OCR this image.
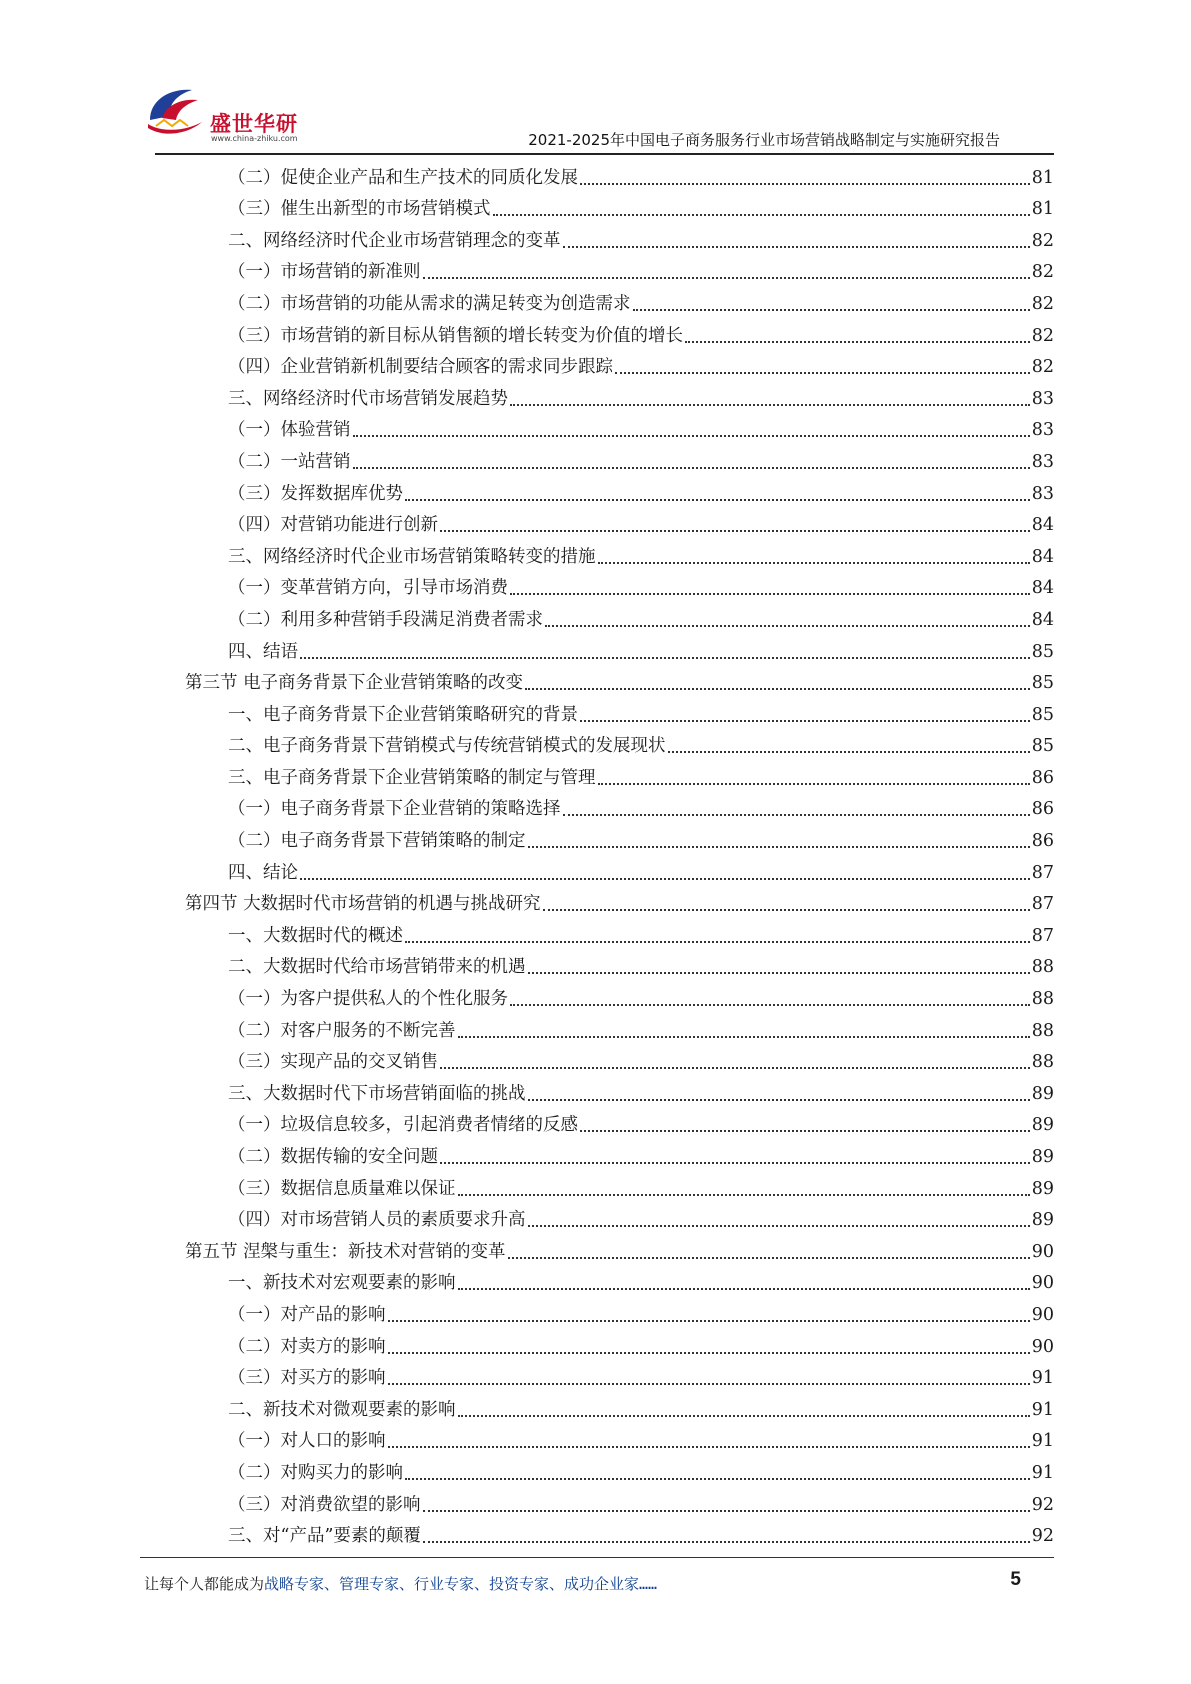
盛世华研
www.china-zhiku.com	2021-2025年中国电子商务服务行业市场营销战略制定与实施研究报告
（二）促使企业产品和生产技术的同质化发展	81
（三）催生出新型的市场营销模式	81
二、网络经济时代企业市场营销理念的变革	82
（一）市场营销的新准则	82
（二）市场营销的功能从需求的满足转变为创造需求	82
（三）市场营销的新目标从销售额的增长转变为价值的增长	82
（四）企业营销新机制要结合顾客的需求同步跟踪	82
三、网络经济时代市场营销发展趋势	83
（一）体验营销	83
（二）一站营销	83
（三）发挥数据库优势	83
（四）对营销功能进行创新	84
三、网络经济时代企业市场营销策略转变的措施	84
（一）变革营销方向，引导市场消费	84
（二）利用多种营销手段满足消费者需求	84
四、结语	85
第三节 电子商务背景下企业营销策略的改变	85
一、电子商务背景下企业营销策略研究的背景	85
二、电子商务背景下营销模式与传统营销模式的发展现状	85
三、电子商务背景下企业营销策略的制定与管理	86
（一）电子商务背景下企业营销的策略选择	86
（二）电子商务背景下营销策略的制定	86
四、结论	87
第四节 大数据时代市场营销的机遇与挑战研究	87
一、大数据时代的概述	87
二、大数据时代给市场营销带来的机遇	88
（一）为客户提供私人的个性化服务	88
（二）对客户服务的不断完善	88
（三）实现产品的交叉销售	88
三、大数据时代下市场营销面临的挑战	89
（一）垃圾信息较多，引起消费者情绪的反感	89
（二）数据传输的安全问题	89
（三）数据信息质量难以保证	89
（四）对市场营销人员的素质要求升高	89
第五节 涅槃与重生：新技术对营销的变革	90
一、新技术对宏观要素的影响	90
（一）对产品的影响	90
（二）对卖方的影响	90
（三）对买方的影响	91
二、新技术对微观要素的影响	91
（一）对人口的影响	91
（二）对购买力的影响	91
（三）对消费欲望的影响	92
三、对“产品”要素的颠覆	92
让每个人都能成为战略专家、管理专家、行业专家、投资专家、成功企业家……	5
